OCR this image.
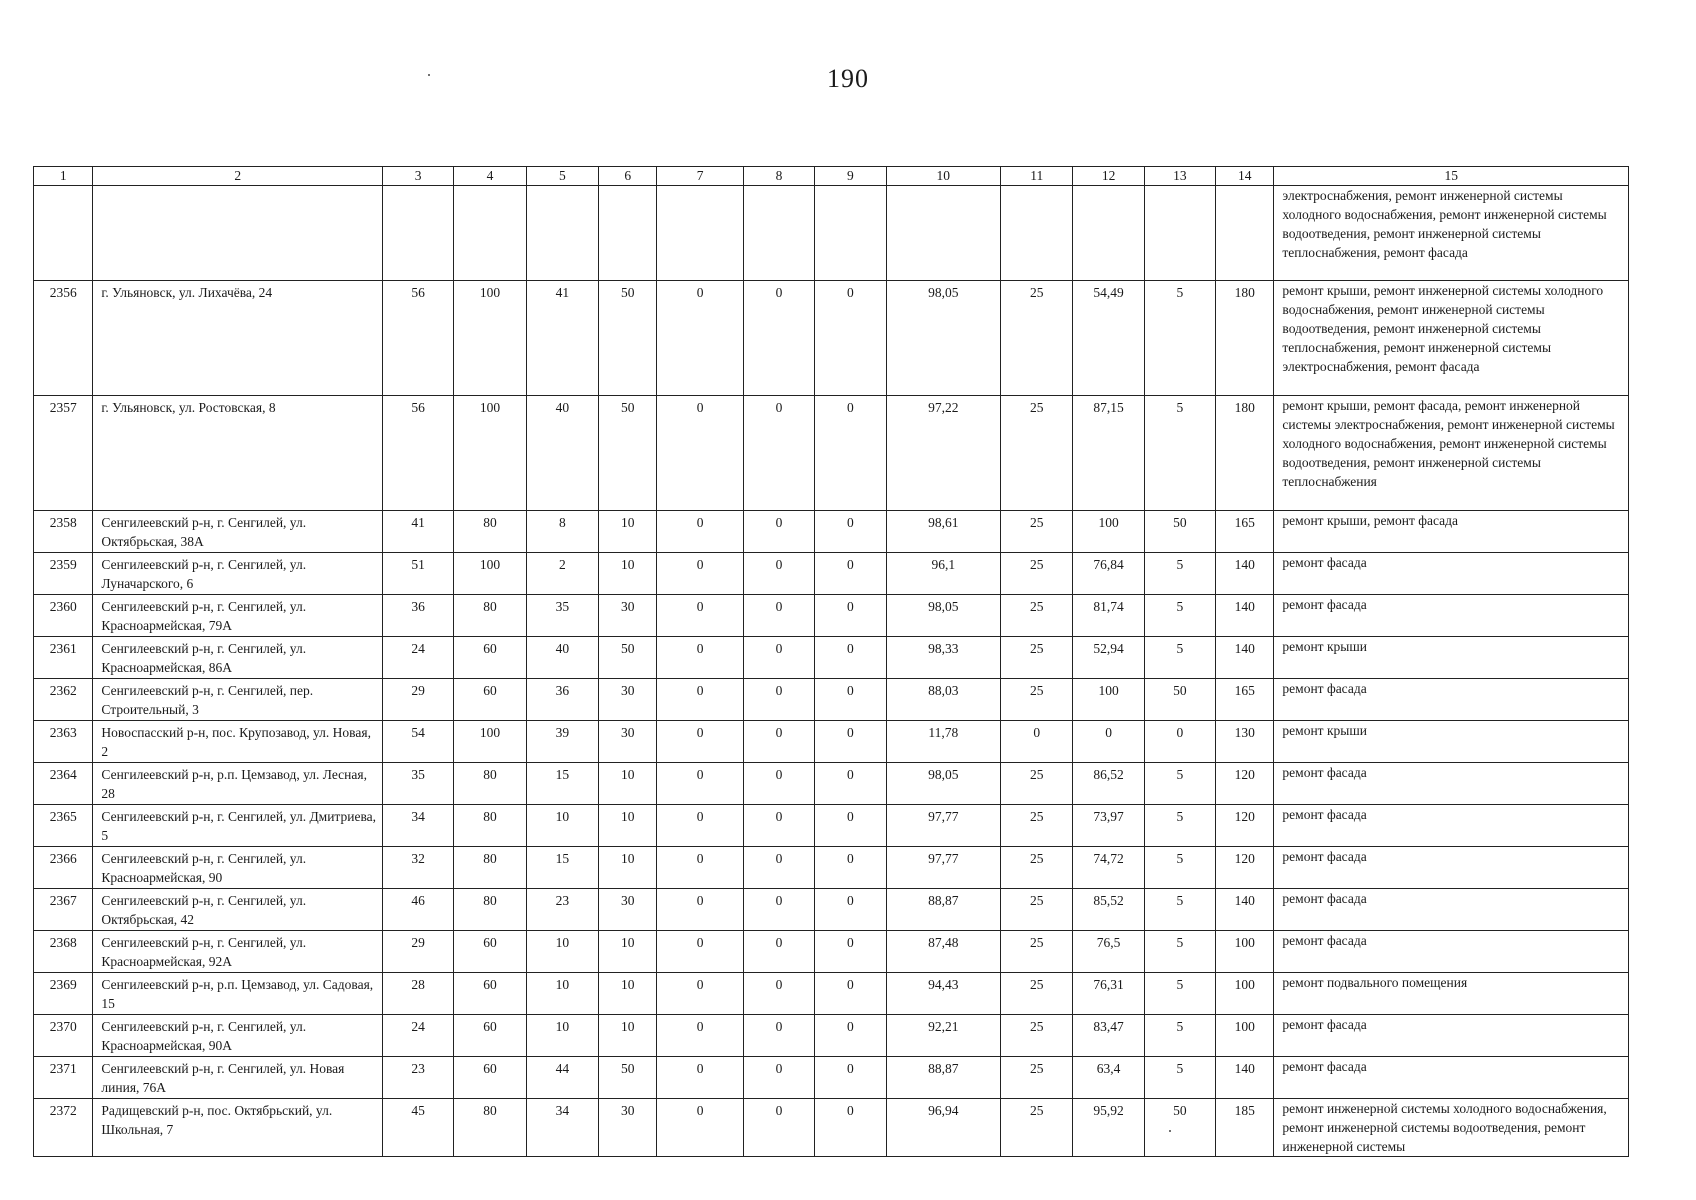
190
1	2	3	4	5	6	7	8	9	10	11	12	13	14	15
														электроснабжения, ремонт инженерной системы холодного водоснабжения, ремонт инженерной системы водоотведения, ремонт инженерной системы теплоснабжения, ремонт фасада
2356	г. Ульяновск, ул. Лихачёва, 24	56	100	41	50	0	0	0	98,05	25	54,49	5	180	ремонт крыши, ремонт инженерной системы холодного водоснабжения, ремонт инженерной системы водоотведения, ремонт инженерной системы теплоснабжения, ремонт инженерной системы электроснабжения, ремонт фасада
2357	г. Ульяновск, ул. Ростовская, 8	56	100	40	50	0	0	0	97,22	25	87,15	5	180	ремонт крыши, ремонт фасада, ремонт инженерной системы электроснабжения, ремонт инженерной системы холодного водоснабжения, ремонт инженерной системы водоотведения, ремонт инженерной системы теплоснабжения
2358	Сенгилеевский р-н, г. Сенгилей, ул. Октябрьская, 38А	41	80	8	10	0	0	0	98,61	25	100	50	165	ремонт крыши, ремонт фасада
2359	Сенгилеевский р-н, г. Сенгилей, ул. Луначарского, 6	51	100	2	10	0	0	0	96,1	25	76,84	5	140	ремонт фасада
2360	Сенгилеевский р-н, г. Сенгилей, ул. Красноармейская, 79А	36	80	35	30	0	0	0	98,05	25	81,74	5	140	ремонт фасада
2361	Сенгилеевский р-н, г. Сенгилей, ул. Красноармейская, 86А	24	60	40	50	0	0	0	98,33	25	52,94	5	140	ремонт крыши
2362	Сенгилеевский р-н, г. Сенгилей, пер. Строительный, 3	29	60	36	30	0	0	0	88,03	25	100	50	165	ремонт фасада
2363	Новоспасский р-н, пос. Крупозавод, ул. Новая, 2	54	100	39	30	0	0	0	11,78	0	0	0	130	ремонт крыши
2364	Сенгилеевский р-н, р.п. Цемзавод, ул. Лесная, 28	35	80	15	10	0	0	0	98,05	25	86,52	5	120	ремонт фасада
2365	Сенгилеевский р-н, г. Сенгилей, ул. Дмитриева, 5	34	80	10	10	0	0	0	97,77	25	73,97	5	120	ремонт фасада
2366	Сенгилеевский р-н, г. Сенгилей, ул. Красноармейская, 90	32	80	15	10	0	0	0	97,77	25	74,72	5	120	ремонт фасада
2367	Сенгилеевский р-н, г. Сенгилей, ул. Октябрьская, 42	46	80	23	30	0	0	0	88,87	25	85,52	5	140	ремонт фасада
2368	Сенгилеевский р-н, г. Сенгилей, ул. Красноармейская, 92А	29	60	10	10	0	0	0	87,48	25	76,5	5	100	ремонт фасада
2369	Сенгилеевский р-н, р.п. Цемзавод, ул. Садовая, 15	28	60	10	10	0	0	0	94,43	25	76,31	5	100	ремонт подвального помещения
2370	Сенгилеевский р-н, г. Сенгилей, ул. Красноармейская, 90А	24	60	10	10	0	0	0	92,21	25	83,47	5	100	ремонт фасада
2371	Сенгилеевский р-н, г. Сенгилей, ул. Новая линия, 76А	23	60	44	50	0	0	0	88,87	25	63,4	5	140	ремонт фасада
2372	Радищевский р-н, пос. Октябрьский, ул. Школьная, 7	45	80	34	30	0	0	0	96,94	25	95,92	50	185	ремонт инженерной системы холодного водоснабжения, ремонт инженерной системы водоотведения, ремонт инженерной системы
